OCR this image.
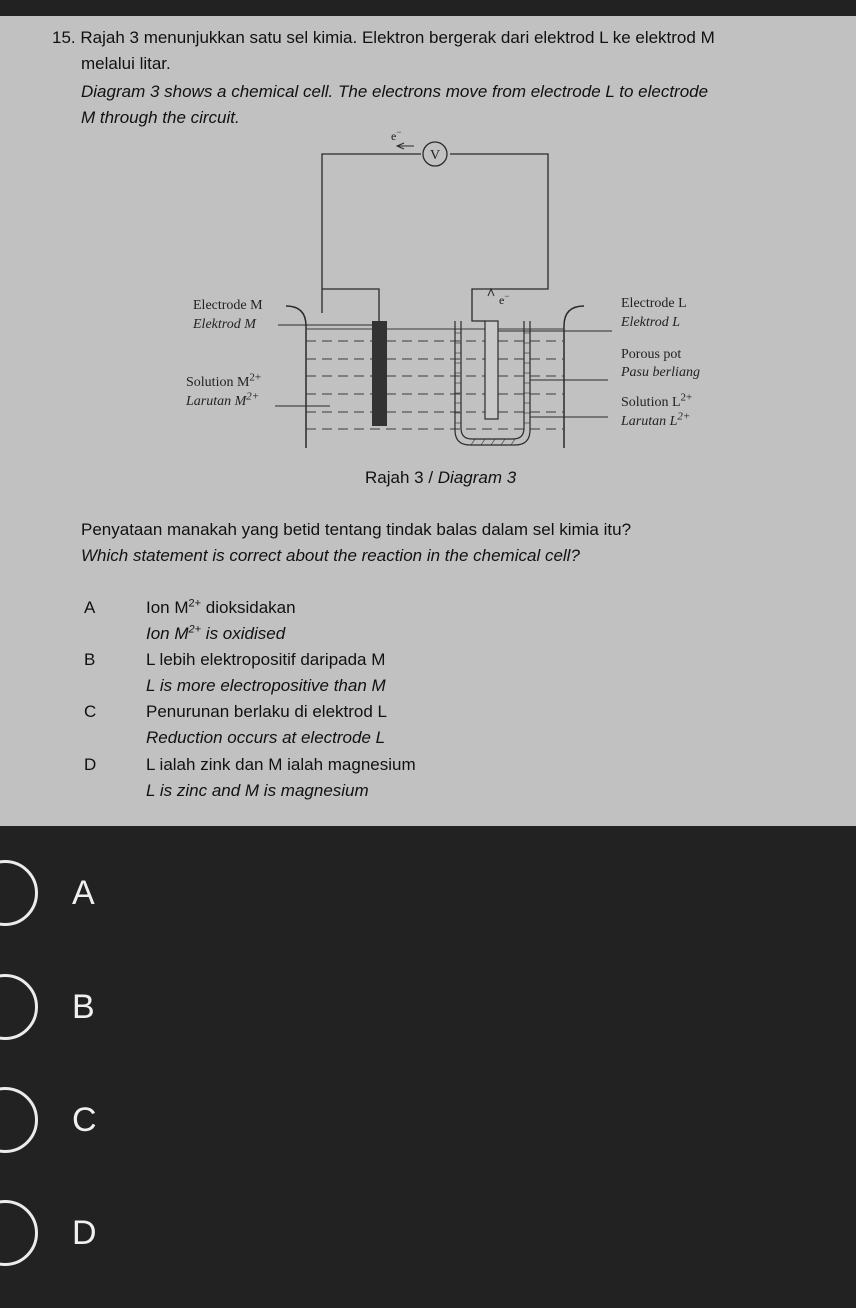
15. Rajah 3 menunjukkan satu sel kimia. Elektron bergerak dari elektrod L ke elektrod M
melalui litar.
Diagram 3 shows a chemical cell. The electrons move from electrode L to electrode
M through the circuit.
V
e−
e−
Electrode M
Elektrod M
Solution $M^{2+}$
Larutan $M^{2+}$
Electrode L
Elektrod L
Porous pot
Pasu berliang
Solution $L^{2+}$
Larutan $L^{2+}$
Rajah 3 / Diagram 3
Penyataan manakah yang betid tentang tindak balas dalam sel kimia itu?
Which statement is correct about the reaction in the chemical cell?
A	Ion $M^{2+}$ dioksidakan
Ion $M^{2+}$ is oxidised
B	L lebih elektropositif daripada M
L is more electropositive than M
C	Penurunan berlaku di elektrod L
Reduction occurs at electrode L
D	L ialah zink dan M ialah magnesium
L is zinc and M is magnesium
A
B
C
D
